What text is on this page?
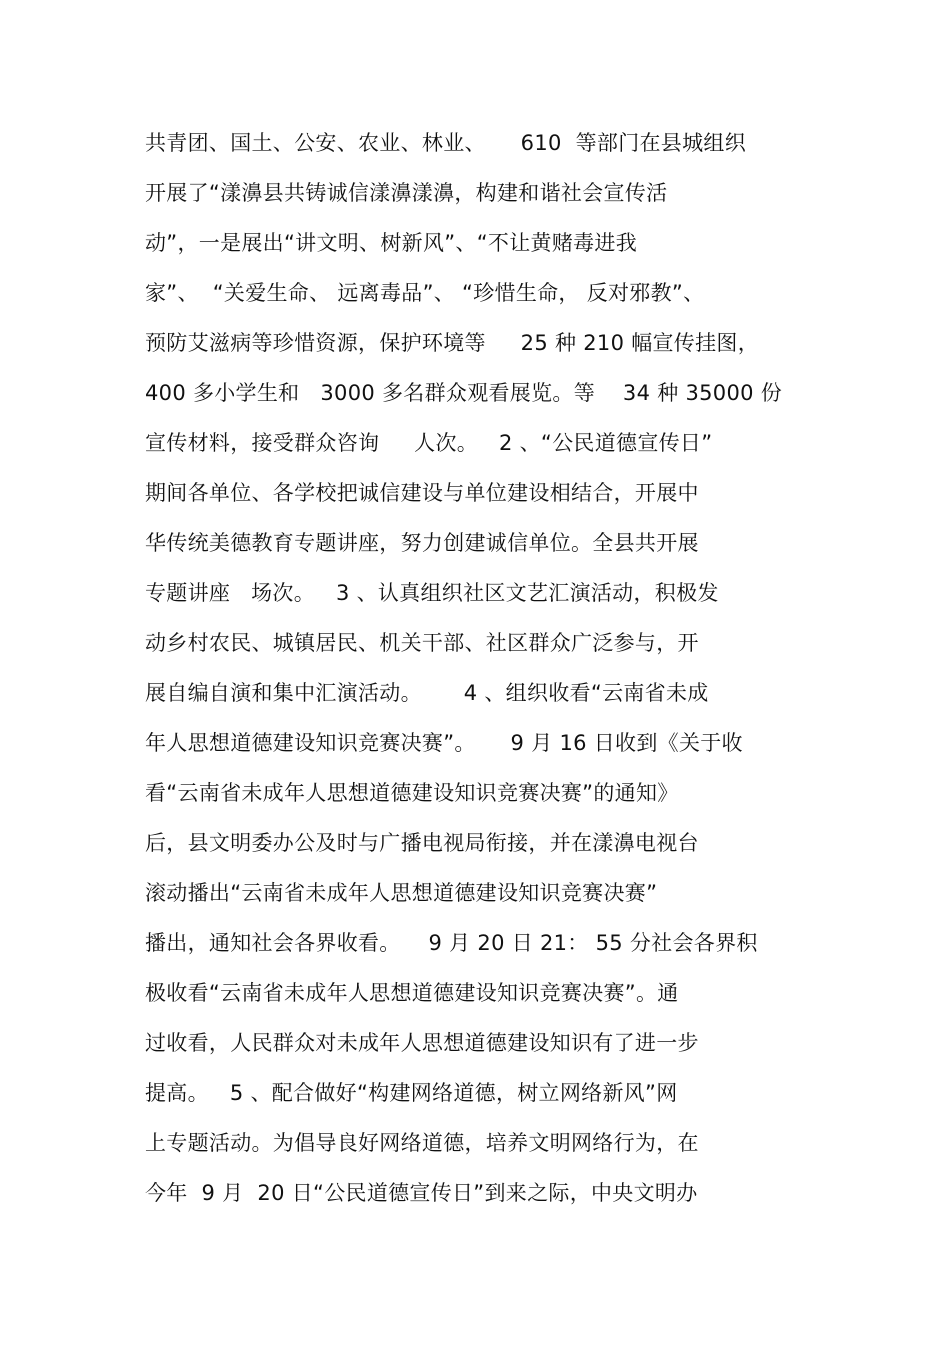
共青团、国土、公安、农业、林业、     610  等部门在县城组织
开展了“漾濞县共铸诚信漾濞漾濞，构建和谐社会宣传活
动”，一是展出“讲文明、树新风”、“不让黄赌毒进我
家”、  “关爱生命、 远离毒品”、 “珍惜生命， 反对邪教”、
预防艾滋病等珍惜资源，保护环境等     25 种 210 幅宣传挂图，
400 多小学生和   3000 多名群众观看展览。等    34 种 35000 份
宣传材料，接受群众咨询     人次。   2 、“公民道德宣传日”
期间各单位、各学校把诚信建设与单位建设相结合，开展中
华传统美德教育专题讲座，努力创建诚信单位。全县共开展
专题讲座   场次。   3 、认真组织社区文艺汇演活动，积极发
动乡村农民、城镇居民、机关干部、社区群众广泛参与，开
展自编自演和集中汇演活动。      4 、组织收看“云南省未成
年人思想道德建设知识竞赛决赛”。     9 月 16 日收到《关于收
看“云南省未成年人思想道德建设知识竞赛决赛”的通知》
后，县文明委办公及时与广播电视局衔接，并在漾濞电视台
滚动播出“云南省未成年人思想道德建设知识竞赛决赛”
播出，通知社会各界收看。    9 月 20 日 21： 55 分社会各界积
极收看“云南省未成年人思想道德建设知识竞赛决赛”。通
过收看，人民群众对未成年人思想道德建设知识有了进一步
提高。   5 、配合做好“构建网络道德，树立网络新风”网
上专题活动。为倡导良好网络道德，培养文明网络行为，在
今年  9 月  20 日“公民道德宣传日”到来之际，中央文明办
